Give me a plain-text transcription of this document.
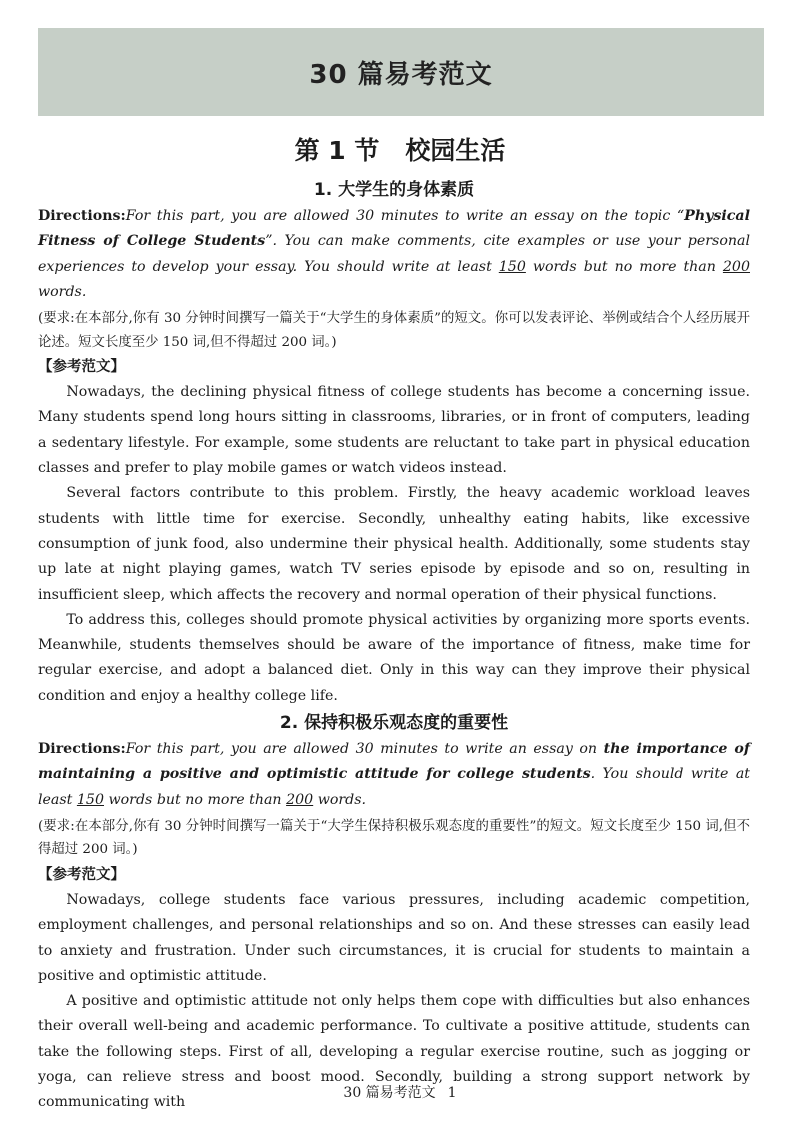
30 篇易考范文
第 1 节 校园生活
1. 大学生的身体素质

Directions:For this part, you are allowed 30 minutes to write an essay on the topic “Physical Fitness of College Students”. You can make comments, cite examples or use your personal experiences to develop your essay. You should write at least 150 words but no more than 200 words.

(要求:在本部分,你有 30 分钟时间撰写一篇关于“大学生的身体素质”的短文。你可以发表评论、举例或结合个人经历展开论述。短文长度至少 150 词,但不得超过 200 词。)

【参考范文】

Nowadays, the declining physical fitness of college students has become a concerning issue. Many students spend long hours sitting in classrooms, libraries, or in front of computers, leading a sedentary lifestyle. For example, some students are reluctant to take part in physical education classes and prefer to play mobile games or watch videos instead.

Several factors contribute to this problem. Firstly, the heavy academic workload leaves students with little time for exercise. Secondly, unhealthy eating habits, like excessive consumption of junk food, also undermine their physical health. Additionally, some students stay up late at night playing games, watch TV series episode by episode and so on, resulting in insufficient sleep, which affects the recovery and normal operation of their physical functions.

To address this, colleges should promote physical activities by organizing more sports events. Meanwhile, students themselves should be aware of the importance of fitness, make time for regular exercise, and adopt a balanced diet. Only in this way can they improve their physical condition and enjoy a healthy college life.

2. 保持积极乐观态度的重要性

Directions:For this part, you are allowed 30 minutes to write an essay on the importance of maintaining a positive and optimistic attitude for college students. You should write at least 150 words but no more than 200 words.

(要求:在本部分,你有 30 分钟时间撰写一篇关于“大学生保持积极乐观态度的重要性”的短文。短文长度至少 150 词,但不得超过 200 词。)

【参考范文】

Nowadays, college students face various pressures, including academic competition, employment challenges, and personal relationships and so on. And these stresses can easily lead to anxiety and frustration. Under such circumstances, it is crucial for students to maintain a positive and optimistic attitude.

A positive and optimistic attitude not only helps them cope with difficulties but also enhances their overall well-being and academic performance. To cultivate a positive attitude, students can take the following steps. First of all, developing a regular exercise routine, such as jogging or yoga, can relieve stress and boost mood. Secondly, building a strong support network by communicating with

30 篇易考范文 1
